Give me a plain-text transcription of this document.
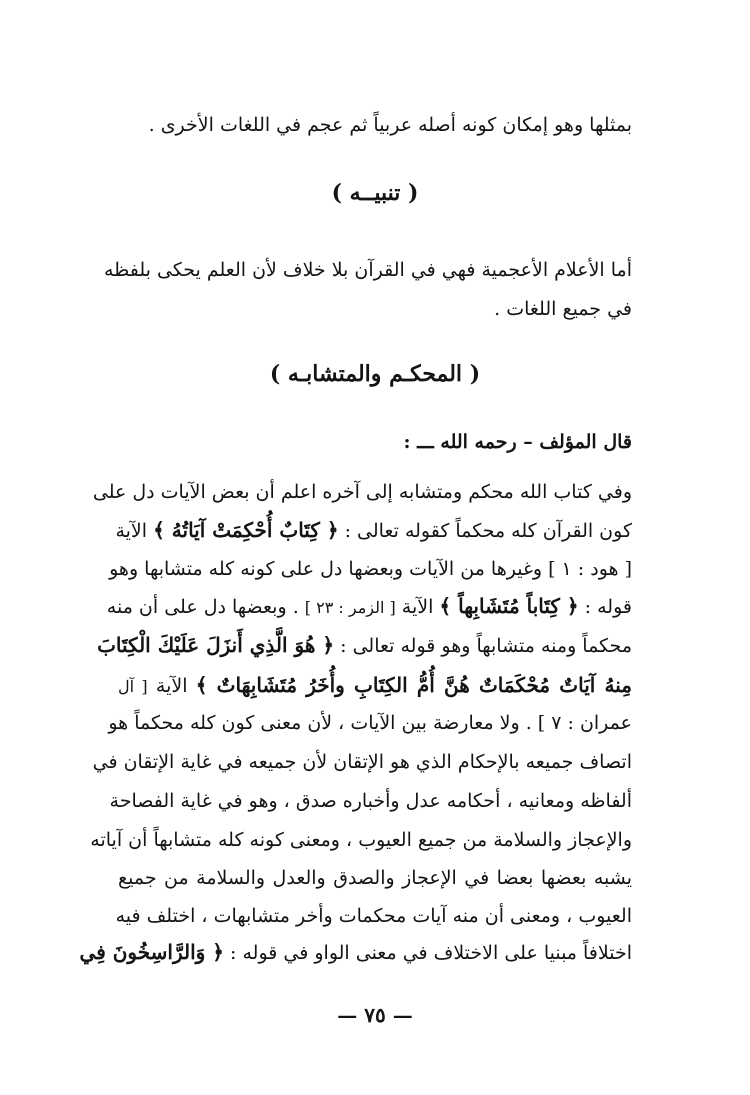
بمثلها وهو إمكان كونه أصله عربياً ثم عجم في اللغات الأخرى .
( تنبيــه )
أما الأعلام الأعجمية فهي في القرآن بلا خلاف لأن العلم يحكى بلفظه
في جميع اللغات .
( المحكـم والمتشابـه )
قال المؤلف – رحمه الله ـــ :
وفي كتاب الله محكم ومتشابه إلى آخره اعلم أن بعض الآيات دل على
كون القرآن كله محكماً كقوله تعالى : ﴿ كِتَابٌ أُحْكِمَتْ آيَاتُهُ ﴾ الآية
[ هود : ١ ] وغيرها من الآيات وبعضها دل على كونه كله متشابها وهو
قوله : ﴿ كِتَاباً مُتَشَابِهاً ﴾ الآية [ الزمر : ٢٣ ] . وبعضها دل على أن منه
محكماً ومنه متشابهاً وهو قوله تعالى : ﴿ هُوَ الَّذِي أَنزَلَ عَلَيْكَ الْكِتَابَ
مِنهُ آيَاتٌ مُحْكَمَاتٌ هُنَّ أُمُّ الكِتَابِ وأُخَرُ مُتَشَابِهَاتٌ ﴾ الآية [ آل
عمران : ٧ ] . ولا معارضة بين الآيات ، لأن معنى كون كله محكماً هو
اتصاف جميعه بالإحكام الذي هو الإتقان لأن جميعه في غاية الإتقان في
ألفاظه ومعانيه ، أحكامه عدل وأخباره صدق ، وهو في غاية الفصاحة
والإعجاز والسلامة من جميع العيوب ، ومعنى كونه كله متشابهاً أن آياته
يشبه بعضها بعضا في الإعجاز والصدق والعدل والسلامة من جميع
العيوب ، ومعنى أن منه آيات محكمات وأخر متشابهات ، اختلف فيه
اختلافاً مبنيا على الاختلاف في معنى الواو في قوله : ﴿ وَالرَّاسِخُونَ فِي
— ٧٥ —
